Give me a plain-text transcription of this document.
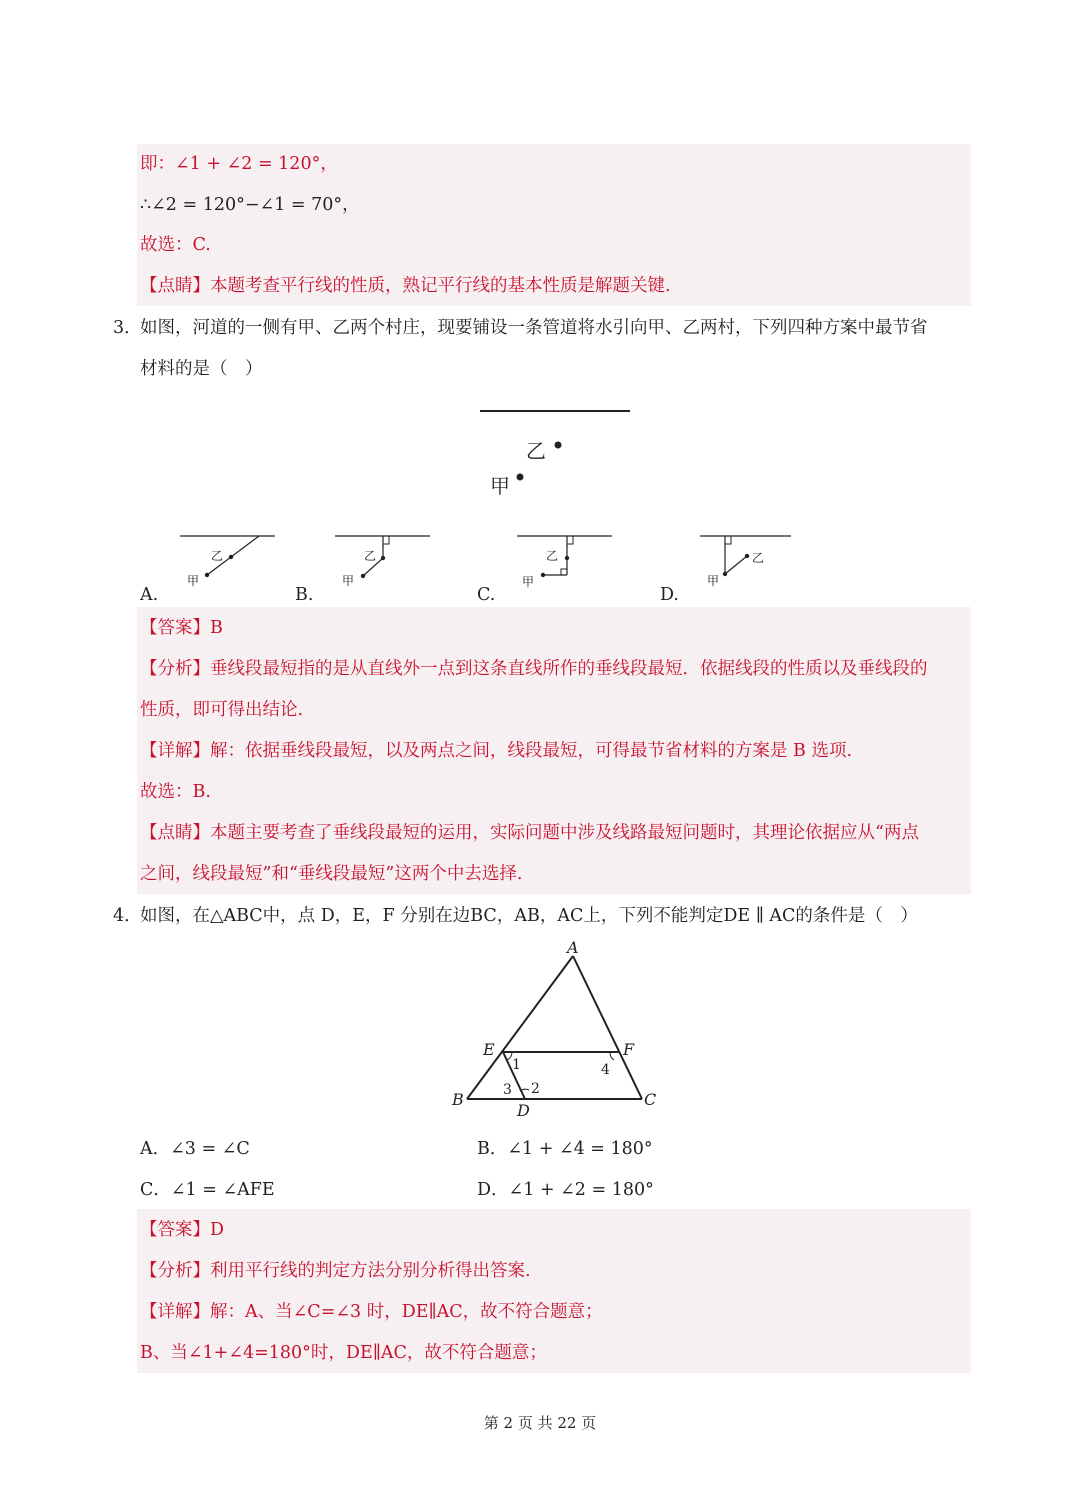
即：∠1 + ∠2 = 120°，
∴∠2 = 120°−∠1 = 70°，
故选：C.
【点睛】本题考查平行线的性质，熟记平行线的基本性质是解题关键.
3．
如图，河道的一侧有甲、乙两个村庄，现要铺设一条管道将水引向甲、乙两村，下列四种方案中最节省
材料的是（　）
乙
甲
乙
甲
乙
甲
乙
甲
乙
甲
A.	B.	C.	D.
【答案】B
【分析】垂线段最短指的是从直线外一点到这条直线所作的垂线段最短．依据线段的性质以及垂线段的
性质，即可得出结论.
【详解】解：依据垂线段最短，以及两点之间，线段最短，可得最节省材料的方案是 B 选项.
故选：B.
【点睛】本题主要考查了垂线段最短的运用，实际问题中涉及线路最短问题时，其理论依据应从“两点
之间，线段最短”和“垂线段最短”这两个中去选择.
4．
如图，在△ABC中，点 D，E，F 分别在边BC，AB，AC上，下列不能判定DE ∥ AC的条件是（　）
A
E	F
B	C
D
1	4
3 2
A．∠3 = ∠C	B．∠1 + ∠4 = 180°
C．∠1 = ∠AFE	D．∠1 + ∠2 = 180°
【答案】D
【分析】利用平行线的判定方法分别分析得出答案.
【详解】解：A、当∠C=∠3 时，DE∥AC，故不符合题意；
B、当∠1+∠4=180°时，DE∥AC，故不符合题意；
第 2 页 共 22 页
